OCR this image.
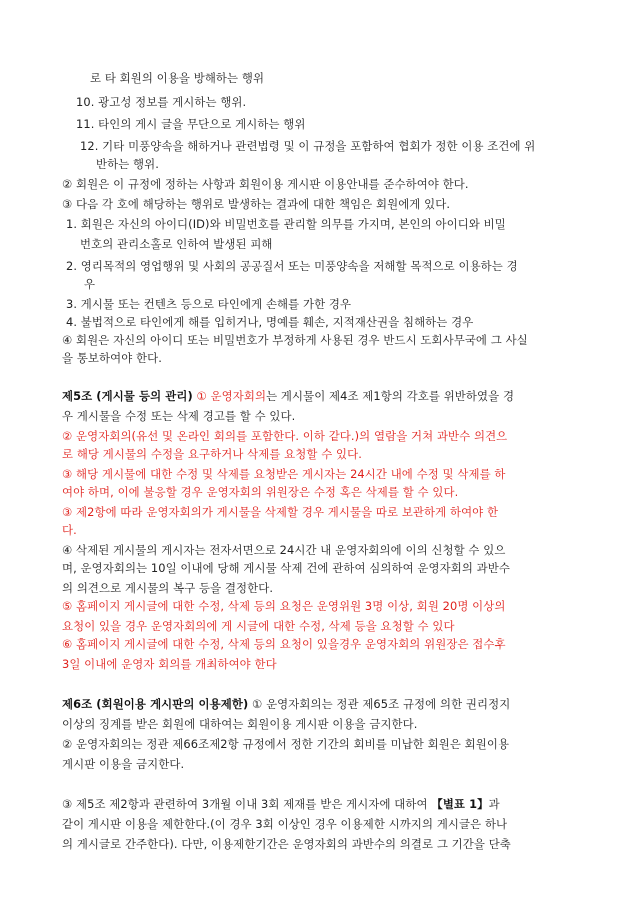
로 타 회원의 이용을 방해하는 행위
10. 광고성 정보를 게시하는 행위.
11. 타인의 게시 글을 무단으로 게시하는 행위
12. 기타 미풍양속을 해하거나 관련법령 및 이 규정을 포함하여 협회가 정한 이용 조건에 위
반하는 행위.
② 회원은 이 규정에 정하는 사항과 회원이용 게시판 이용안내를 준수하여야 한다.
③ 다음 각 호에 해당하는 행위로 발생하는 결과에 대한 책임은 회원에게 있다.
1. 회원은 자신의 아이디(ID)와 비밀번호를 관리할 의무를 가지며, 본인의 아이디와 비밀
번호의 관리소홀로 인하여 발생된 피해
2. 영리목적의 영업행위 및 사회의 공공질서 또는 미풍양속을 저해할 목적으로 이용하는 경
우
3. 게시물 또는 컨텐츠 등으로 타인에게 손해를 가한 경우
4. 불법적으로 타인에게 해를 입히거나, 명예를 훼손, 지적재산권을 침해하는 경우
④ 회원은 자신의 아이디 또는 비밀번호가 부정하게 사용된 경우 반드시 도회사무국에 그 사실
을 통보하여야 한다.
제5조 (게시물 등의 관리) ① 운영자회의는 게시물이 제4조 제1항의 각호를 위반하였을 경
우 게시물을 수정 또는 삭제 경고를 할 수 있다.
② 운영자회의(유선 및 온라인 회의를 포함한다. 이하 같다.)의 열람을 거쳐 과반수 의견으
로 해당 게시물의 수정을 요구하거나 삭제를 요청할 수 있다.
③ 해당 게시물에 대한 수정 및 삭제를 요청받은 게시자는 24시간 내에 수정 및 삭제를 하
여야 하며, 이에 불응할 경우 운영자회의 위원장은 수정 혹은 삭제를 할 수 있다.
③ 제2항에 따라 운영자회의가 게시물을 삭제할 경우 게시물을 따로 보관하게 하여야 한
다.
④ 삭제된 게시물의 게시자는 전자서면으로 24시간 내 운영자회의에 이의 신청할 수 있으
며, 운영자회의는 10일 이내에 당해 게시물 삭제 건에 관하여 심의하여 운영자회의 과반수
의 의견으로 게시물의 복구 등을 결정한다.
⑤ 홈페이지 게시글에 대한 수정, 삭제 등의 요청은 운영위원 3명 이상, 회원 20명 이상의
요청이 있을 경우 운영자회의에 게 시글에 대한 수정, 삭제 등을 요청할 수 있다
⑥ 홈페이지 게시글에 대한 수정, 삭제 등의 요청이 있을경우 운영자회의 위원장은 접수후
3일 이내에 운영자 회의를 개최하여야 한다
제6조 (회원이용 게시판의 이용제한) ① 운영자회의는 정관 제65조 규정에 의한 권리정지
이상의 징계를 받은 회원에 대하여는 회원이용 게시판 이용을 금지한다.
② 운영자회의는 정관 제66조제2항 규정에서 정한 기간의 회비를 미납한 회원은 회원이용
게시판 이용을 금지한다.
③ 제5조 제2항과 관련하여 3개월 이내 3회 제재를 받은 게시자에 대하여 【별표 1】과
같이 게시판 이용을 제한한다.(이 경우 3회 이상인 경우 이용제한 시까지의 게시글은 하나
의 게시글로 간주한다). 다만, 이용제한기간은 운영자회의 과반수의 의결로 그 기간을 단축
